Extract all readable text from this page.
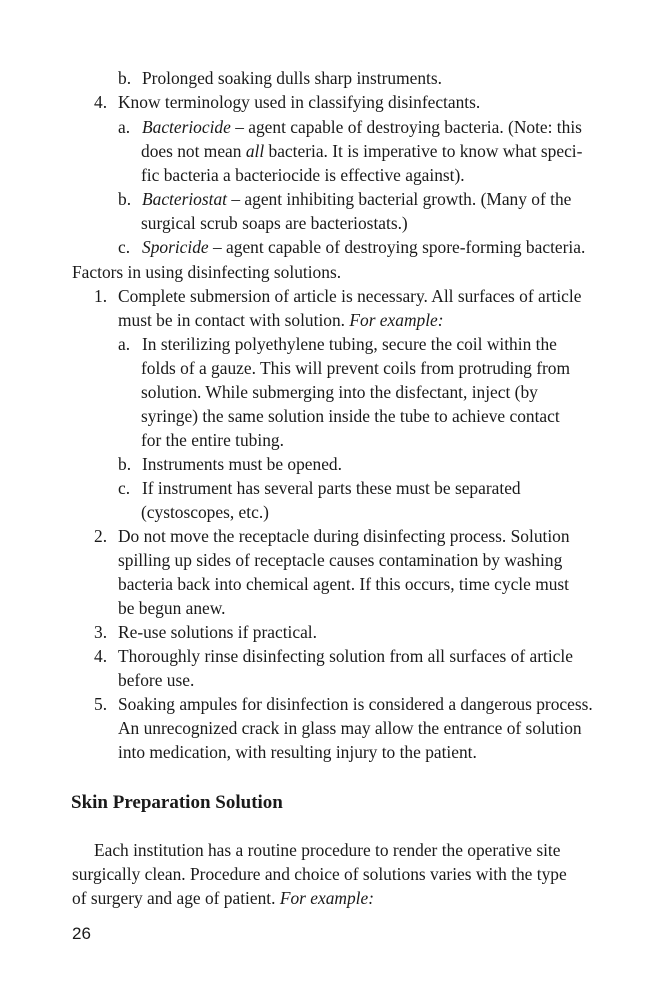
b. Prolonged soaking dulls sharp instruments.
4. Know terminology used in classifying disinfectants.
a. Bacteriocide – agent capable of destroying bacteria. (Note: this
does not mean all bacteria. It is imperative to know what speci-
fic bacteria a bacteriocide is effective against).
b. Bacteriostat – agent inhibiting bacterial growth. (Many of the
surgical scrub soaps are bacteriostats.)
c. Sporicide – agent capable of destroying spore-forming bacteria.
Factors in using disinfecting solutions.
1. Complete submersion of article is necessary. All surfaces of article
must be in contact with solution. For example:
a. In sterilizing polyethylene tubing, secure the coil within the
folds of a gauze. This will prevent coils from protruding from
solution. While submerging into the disfectant, inject (by
syringe) the same solution inside the tube to achieve contact
for the entire tubing.
b. Instruments must be opened.
c. If instrument has several parts these must be separated
(cystoscopes, etc.)
2. Do not move the receptacle during disinfecting process. Solution
spilling up sides of receptacle causes contamination by washing
bacteria back into chemical agent. If this occurs, time cycle must
be begun anew.
3. Re-use solutions if practical.
4. Thoroughly rinse disinfecting solution from all surfaces of article
before use.
5. Soaking ampules for disinfection is considered a dangerous process.
An unrecognized crack in glass may allow the entrance of solution
into medication, with resulting injury to the patient.
Each institution has a routine procedure to render the operative site
surgically clean. Procedure and choice of solutions varies with the type
of surgery and age of patient. For example:
Skin Preparation Solution
26
